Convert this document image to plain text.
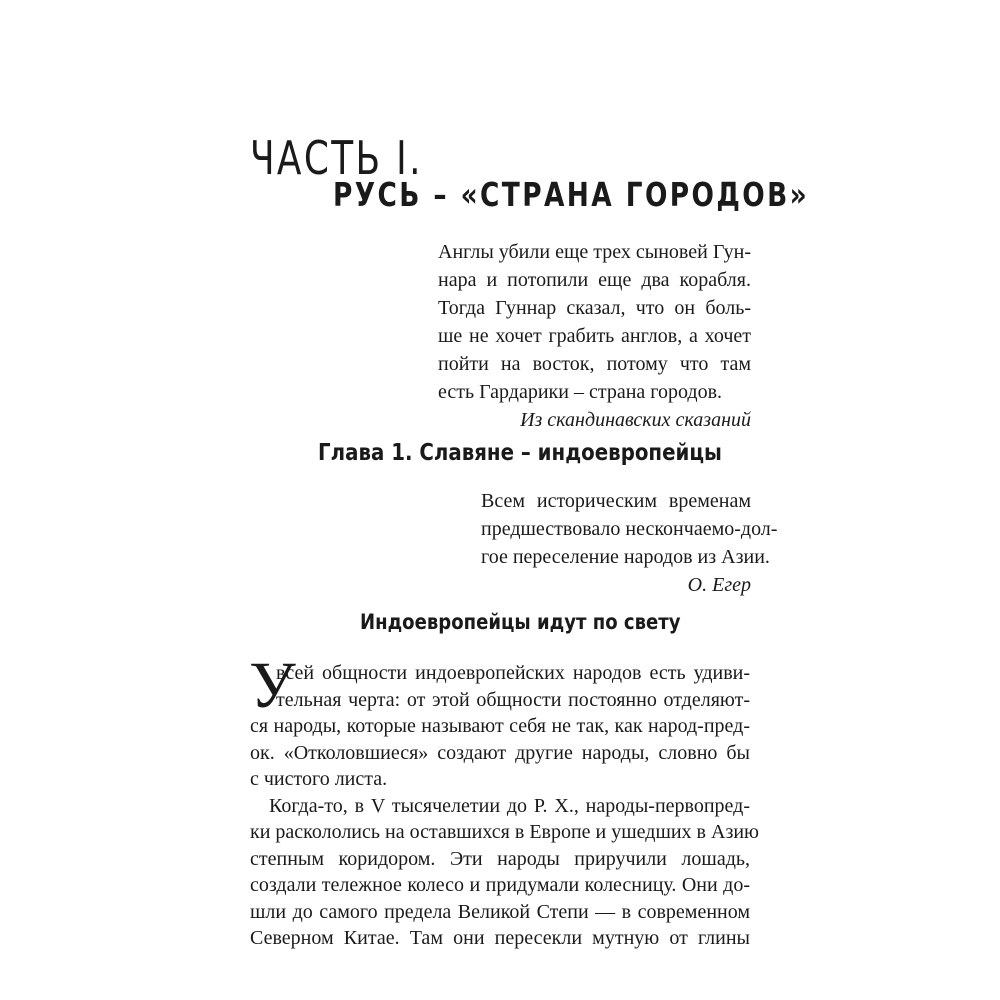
ЧАСТЬ I.
РУСЬ – «СТРАНА ГОРОДОВ»
Англы убили еще трех сыновей Гун-
нара и потопили еще два корабля.
Тогда Гуннар сказал, что он боль-
ше не хочет грабить англов, а хочет
пойти на восток, потому что там
есть Гардарики – страна городов.
Из скандинавских сказаний
Глава 1. Славяне – индоевропейцы
Всем историческим временам
предшествовало нескончаемо-дол-
гое переселение народов из Азии.
О. Егер
Индоевропейцы идут по свету
У
всей общности индоевропейских народов есть удиви-
тельная черта: от этой общности постоянно отделяют-
ся народы, которые называют себя не так, как народ-пред-
ок. «Отколовшиеся» создают другие народы, словно бы
с чистого листа.
Когда-то, в V тысячелетии до Р. Х., народы-первопред-
ки раскололись на оставшихся в Европе и ушедших в Азию
степным коридором. Эти народы приручили лошадь,
создали тележное колесо и придумали колесницу. Они до-
шли до самого предела Великой Степи — в современном
Северном Китае. Там они пересекли мутную от глины
